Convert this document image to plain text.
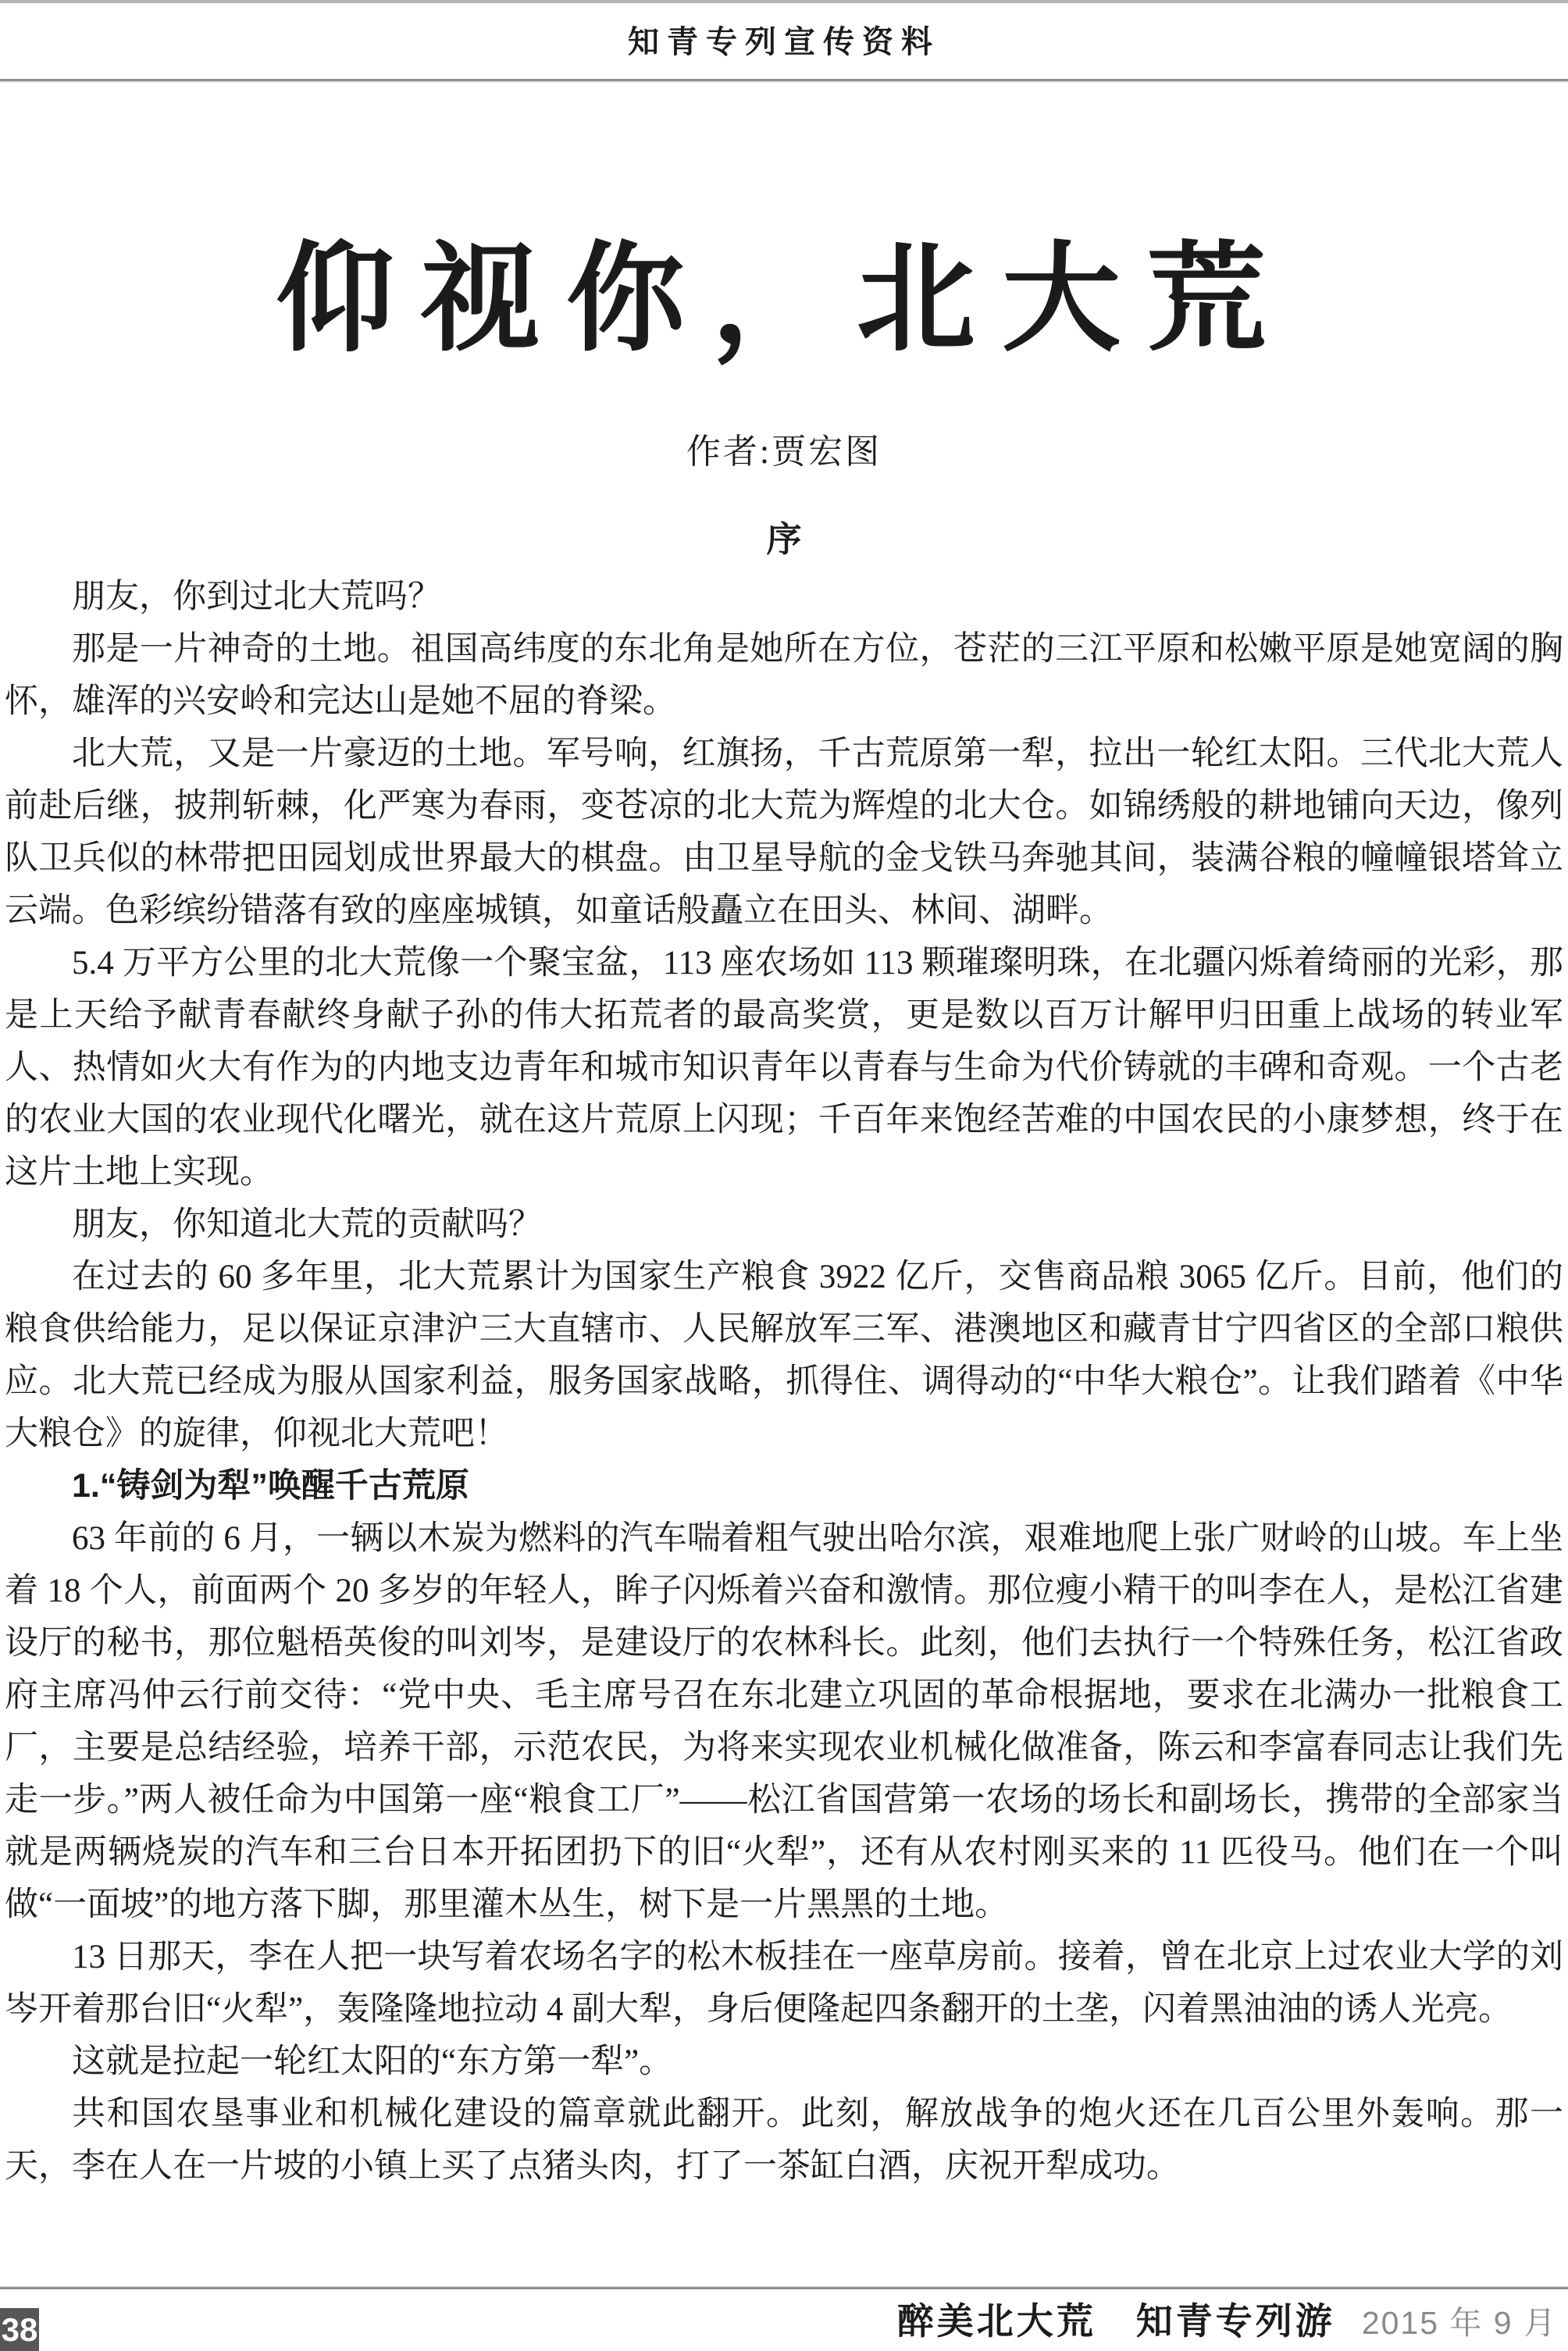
知青专列宣传资料
仰视你，北大荒
作者:贾宏图
序

朋友，你到过北大荒吗？

那是一片神奇的土地。祖国高纬度的东北角是她所在方位，苍茫的三江平原和松嫩平原是她宽阔的胸怀，雄浑的兴安岭和完达山是她不屈的脊梁。

北大荒，又是一片豪迈的土地。军号响，红旗扬，千古荒原第一犁，拉出一轮红太阳。三代北大荒人前赴后继，披荆斩棘，化严寒为春雨，变苍凉的北大荒为辉煌的北大仓。如锦绣般的耕地铺向天边，像列队卫兵似的林带把田园划成世界最大的棋盘。由卫星导航的金戈铁马奔驰其间，装满谷粮的幢幢银塔耸立云端。色彩缤纷错落有致的座座城镇，如童话般矗立在田头、林间、湖畔。

5.4 万平方公里的北大荒像一个聚宝盆，113 座农场如 113 颗璀璨明珠，在北疆闪烁着绮丽的光彩，那是上天给予献青春献终身献子孙的伟大拓荒者的最高奖赏，更是数以百万计解甲归田重上战场的转业军人、热情如火大有作为的内地支边青年和城市知识青年以青春与生命为代价铸就的丰碑和奇观。一个古老的农业大国的农业现代化曙光，就在这片荒原上闪现；千百年来饱经苦难的中国农民的小康梦想，终于在这片土地上实现。

朋友，你知道北大荒的贡献吗？

在过去的 60 多年里，北大荒累计为国家生产粮食 3922 亿斤，交售商品粮 3065 亿斤。目前，他们的粮食供给能力，足以保证京津沪三大直辖市、人民解放军三军、港澳地区和藏青甘宁四省区的全部口粮供应。北大荒已经成为服从国家利益，服务国家战略，抓得住、调得动的“中华大粮仓”。让我们踏着《中华大粮仓》的旋律，仰视北大荒吧！

1.“铸剑为犁”唤醒千古荒原

63 年前的 6 月，一辆以木炭为燃料的汽车喘着粗气驶出哈尔滨，艰难地爬上张广财岭的山坡。车上坐着 18 个人，前面两个 20 多岁的年轻人，眸子闪烁着兴奋和激情。那位瘦小精干的叫李在人，是松江省建设厅的秘书，那位魁梧英俊的叫刘岑，是建设厅的农林科长。此刻，他们去执行一个特殊任务，松江省政府主席冯仲云行前交待：“党中央、毛主席号召在东北建立巩固的革命根据地，要求在北满办一批粮食工厂，主要是总结经验，培养干部，示范农民，为将来实现农业机械化做准备，陈云和李富春同志让我们先走一步。”两人被任命为中国第一座“粮食工厂”——松江省国营第一农场的场长和副场长，携带的全部家当就是两辆烧炭的汽车和三台日本开拓团扔下的旧“火犁”，还有从农村刚买来的 11 匹役马。他们在一个叫做“一面坡”的地方落下脚，那里灌木丛生，树下是一片黑黑的土地。

13 日那天，李在人把一块写着农场名字的松木板挂在一座草房前。接着，曾在北京上过农业大学的刘岑开着那台旧“火犁”，轰隆隆地拉动 4 副大犁，身后便隆起四条翻开的土垄，闪着黑油油的诱人光亮。

这就是拉起一轮红太阳的“东方第一犁”。

共和国农垦事业和机械化建设的篇章就此翻开。此刻，解放战争的炮火还在几百公里外轰响。那一天，李在人在一片坡的小镇上买了点猪头肉，打了一茶缸白酒，庆祝开犁成功。

38	醉美北大荒　知青专列游 2015 年 9 月
